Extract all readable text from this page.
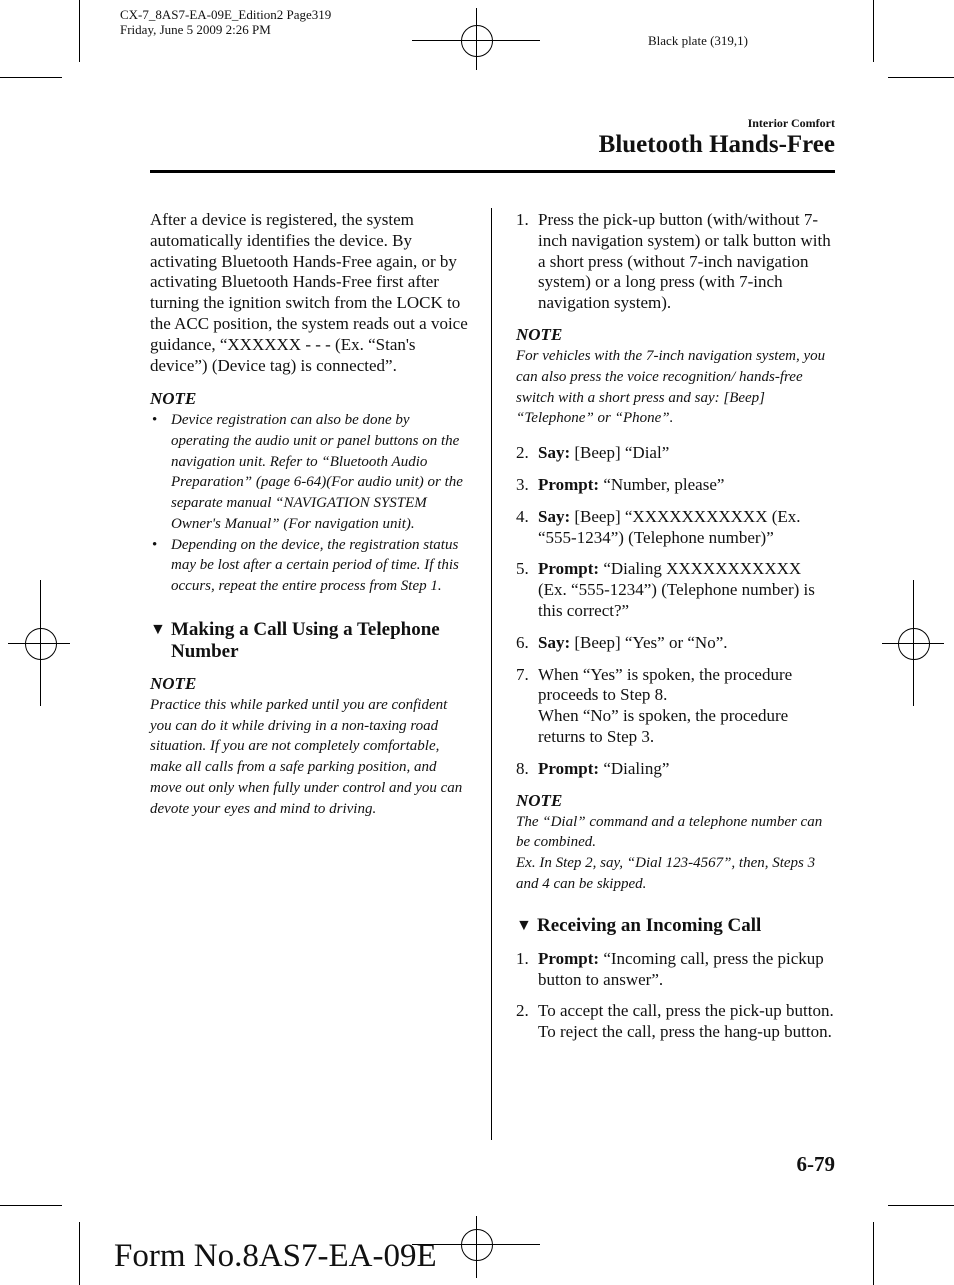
CX-7_8AS7-EA-09E_Edition2 Page319
Friday, June 5 2009 2:26 PM
Black plate (319,1)
Interior Comfort
Bluetooth Hands-Free

After a device is registered, the system automatically identifies the device. By activating Bluetooth Hands-Free again, or by activating Bluetooth Hands-Free first after turning the ignition switch from the LOCK to the ACC position, the system reads out a voice guidance, “XXXXXX - - - (Ex. “Stan's device”) (Device tag) is connected”.

NOTE

• Device registration can also be done by operating the audio unit or panel buttons on the navigation unit. Refer to “Bluetooth Audio Preparation” (page 6-64)(For audio unit) or the separate manual “NAVIGATION SYSTEM Owner's Manual” (For navigation unit).
• Depending on the device, the registration status may be lost after a certain period of time. If this occurs, repeat the entire process from Step 1.
▼ Making a Call Using a Telephone Number

NOTE

Practice this while parked until you are confident you can do it while driving in a non-taxing road situation. If you are not completely comfortable, make all calls from a safe parking position, and move out only when fully under control and you can devote your eyes and mind to driving.

1. Press the pick-up button (with/without 7-inch navigation system) or talk button with a short press (without 7-inch navigation system) or a long press (with 7-inch navigation system).

NOTE

For vehicles with the 7-inch navigation system, you can also press the voice recognition/ hands-free switch with a short press and say: [Beep] “Telephone” or “Phone”.

2. Say: [Beep] “Dial”
3. Prompt: “Number, please”
4. Say: [Beep] “XXXXXXXXXXX (Ex. “555-1234”) (Telephone number)”
5. Prompt: “Dialing XXXXXXXXXXX (Ex. “555-1234”) (Telephone number) is this correct?”
6. Say: [Beep] “Yes” or “No”.
7. When “Yes” is spoken, the procedure proceeds to Step 8.
When “No” is spoken, the procedure returns to Step 3.
8. Prompt: “Dialing”

NOTE

The “Dial” command and a telephone number can be combined.

Ex. In Step 2, say, “Dial 123-4567”, then, Steps 3 and 4 can be skipped.

▼ Receiving an Incoming Call
1. Prompt: “Incoming call, press the pickup button to answer”.
2. To accept the call, press the pick-up button.
To reject the call, press the hang-up button.
6-79
Form No.8AS7-EA-09E
